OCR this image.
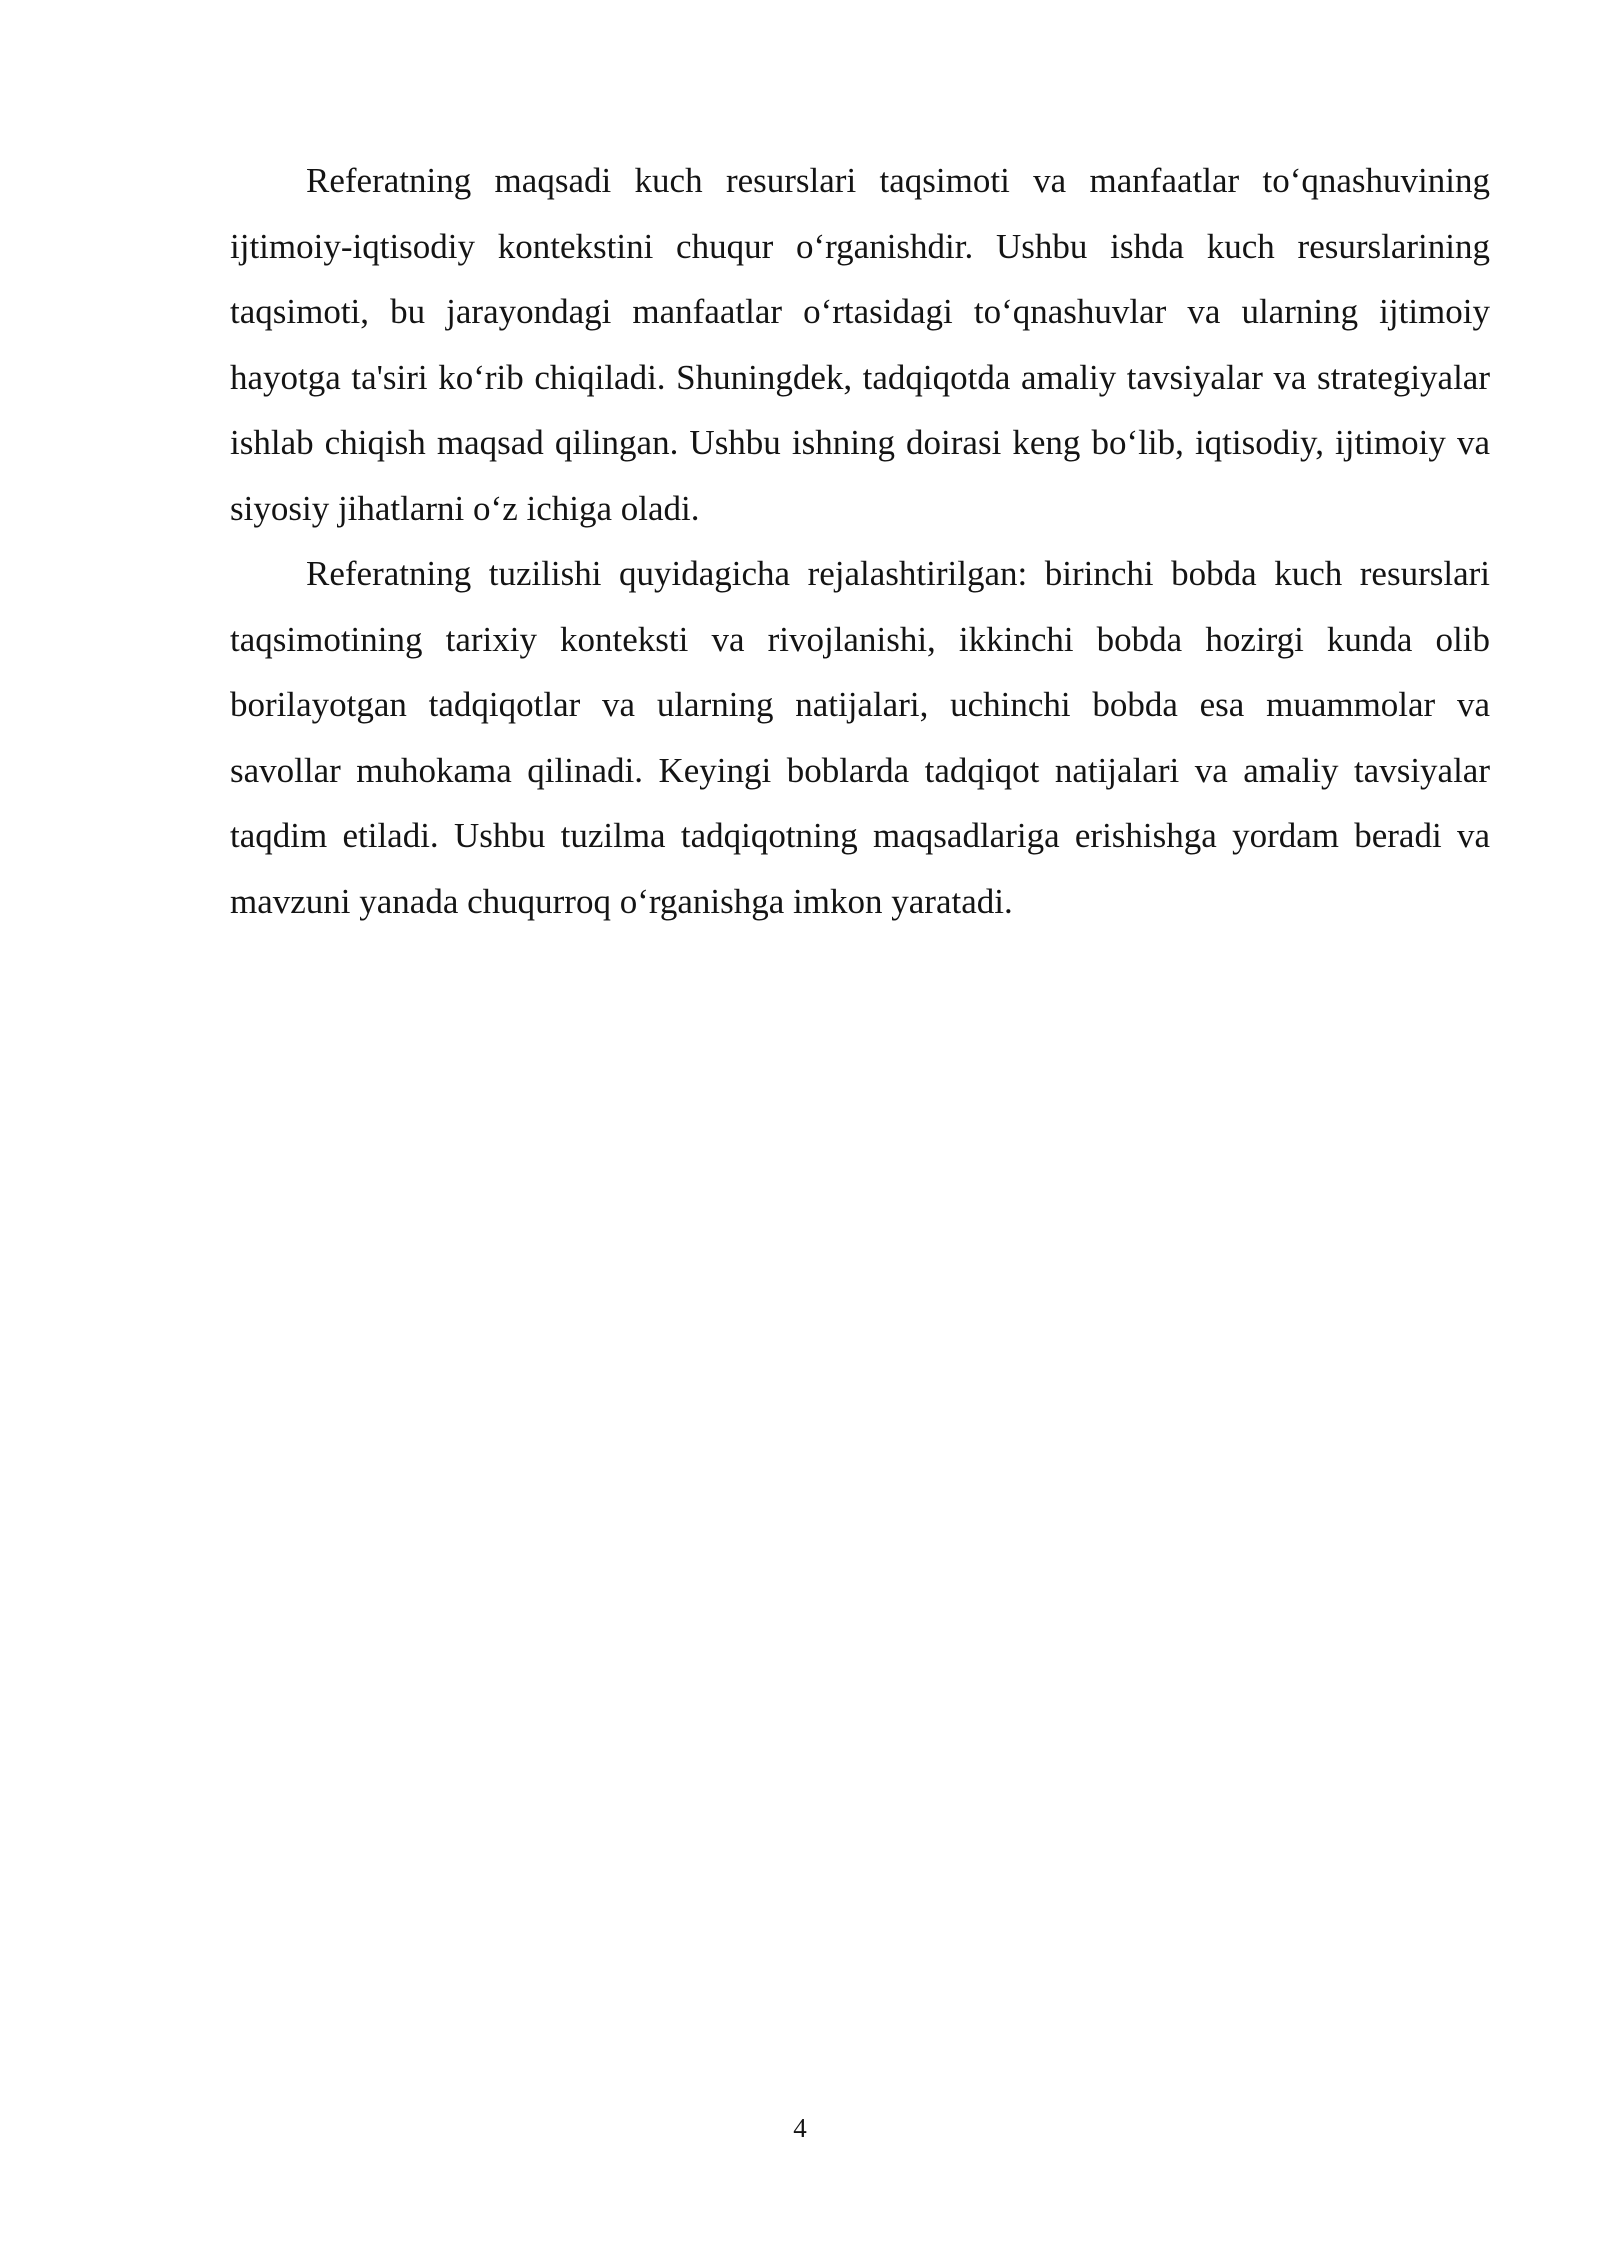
Referatning maqsadi kuch resurslari taqsimoti va manfaatlar to‘qnashuvining ijtimoiy-iqtisodiy kontekstini chuqur o‘rganishdir. Ushbu ishda kuch resurslarining taqsimoti, bu jarayondagi manfaatlar o‘rtasidagi to‘qnashuvlar va ularning ijtimoiy hayotga ta'siri ko‘rib chiqiladi. Shuningdek, tadqiqotda amaliy tavsiyalar va strategiyalar ishlab chiqish maqsad qilingan. Ushbu ishning doirasi keng bo‘lib, iqtisodiy, ijtimoiy va siyosiy jihatlarni o‘z ichiga oladi.

Referatning tuzilishi quyidagicha rejalashtirilgan: birinchi bobda kuch resurslari taqsimotining tarixiy konteksti va rivojlanishi, ikkinchi bobda hozirgi kunda olib borilayotgan tadqiqotlar va ularning natijalari, uchinchi bobda esa muammolar va savollar muhokama qilinadi. Keyingi boblarda tadqiqot natijalari va amaliy tavsiyalar taqdim etiladi. Ushbu tuzilma tadqiqotning maqsadlariga erishishga yordam beradi va mavzuni yanada chuqurroq o‘rganishga imkon yaratadi.

4
